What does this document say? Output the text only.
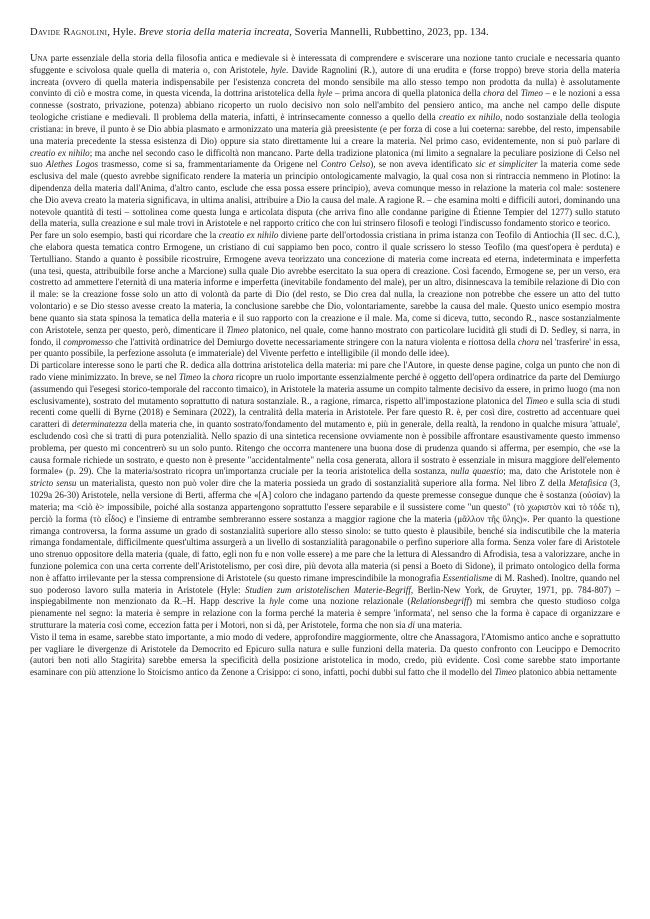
Davide Ragnolini, Hyle. Breve storia della materia increata, Soveria Mannelli, Rubbettino, 2023, pp. 134.

Una parte essenziale della storia della filosofia antica e medievale si è interessata di comprendere e sviscerare una nozione tanto cruciale e necessaria quanto sfuggente e scivolosa quale quella di materia o, con Aristotele, hyle. Davide Ragnolini (R.), autore di una erudita e (forse troppo) breve storia della materia increata (ovvero di quella materia indispensabile per l'esistenza concreta del mondo sensibile ma allo stesso tempo non prodotta da nulla) è assolutamente convinto di ciò e mostra come, in questa vicenda, la dottrina aristotelica della hyle – prima ancora di quella platonica della chora del Timeo – e le nozioni a essa connesse (sostrato, privazione, potenza) abbiano ricoperto un ruolo decisivo non solo nell'ambito del pensiero antico, ma anche nel campo delle dispute teologiche cristiane e medievali. Il problema della materia, infatti, è intrinsecamente connesso a quello della creatio ex nihilo, nodo sostanziale della teologia cristiana: in breve, il punto è se Dio abbia plasmato e armonizzato una materia già preesistente (e per forza di cose a lui coeterna: sarebbe, del resto, impensabile una materia precedente la stessa esistenza di Dio) oppure sia stato direttamente lui a creare la materia. Nel primo caso, evidentemente, non si può parlare di creatio ex nihilo; ma anche nel secondo caso le difficoltà non mancano. Parte della tradizione platonica (mi limito a segnalare la peculiare posizione di Celso nel suo Alethes Logos trasmesso, come si sa, frammentariamente da Origene nel Contro Celso), se non aveva identificato sic et simpliciter la materia come sede esclusiva del male (questo avrebbe significato rendere la materia un principio ontologicamente malvagio, la qual cosa non si rintraccia nemmeno in Plotino: la dipendenza della materia dall'Anima, d'altro canto, esclude che essa possa essere principio), aveva comunque messo in relazione la materia col male: sostenere che Dio aveva creato la materia significava, in ultima analisi, attribuire a Dio la causa del male. A ragione R. – che esamina molti e difficili autori, dominando una notevole quantità di testi – sottolinea come questa lunga e articolata disputa (che arriva fino alle condanne parigine di Étienne Tempier del 1277) sullo statuto della materia, sulla creazione e sul male trovi in Aristotele e nel rapporto critico che con lui strinsero filosofi e teologi l'indiscusso fondamento storico e teorico.

Per fare un solo esempio, basti qui ricordare che la creatio ex nihilo diviene parte dell'ortodossia cristiana in prima istanza con Teofilo di Antiochia (II sec. d.C.), che elabora questa tematica contro Ermogene, un cristiano di cui sappiamo ben poco, contro il quale scrissero lo stesso Teofilo (ma quest'opera è perduta) e Tertulliano. Stando a quanto è possibile ricostruire, Ermogene aveva teorizzato una concezione di materia come increata ed eterna, indeterminata e imperfetta (una tesi, questa, attribuibile forse anche a Marcione) sulla quale Dio avrebbe esercitato la sua opera di creazione. Così facendo, Ermogene se, per un verso, era costretto ad ammettere l'eternità di una materia informe e imperfetta (inevitabile fondamento del male), per un altro, disinnescava la temibile relazione di Dio con il male: se la creazione fosse solo un atto di volontà da parte di Dio (del resto, se Dio crea dal nulla, la creazione non potrebbe che essere un atto del tutto volontario) e se Dio stesso avesse creato la materia, la conclusione sarebbe che Dio, volontariamente, sarebbe la causa del male. Questo unico esempio mostra bene quanto sia stata spinosa la tematica della materia e il suo rapporto con la creazione e il male. Ma, come si diceva, tutto, secondo R., nasce sostanzialmente con Aristotele, senza per questo, però, dimenticare il Timeo platonico, nel quale, come hanno mostrato con particolare lucidità gli studi di D. Sedley, si narra, in fondo, il compromesso che l'attività ordinatrice del Demiurgo dovette necessariamente stringere con la natura violenta e riottosa della chora nel 'trasferire' in essa, per quanto possibile, la perfezione assoluta (e immateriale) del Vivente perfetto e intelligibile (il mondo delle idee).

Di particolare interesse sono le parti che R. dedica alla dottrina aristotelica della materia: mi pare che l'Autore, in queste dense pagine, colga un punto che non di rado viene minimizzato. In breve, se nel Timeo la chora ricopre un ruolo importante essenzialmente perché è oggetto dell'opera ordinatrice da parte del Demiurgo (assumendo qui l'esegesi storico-temporale del racconto timaico), in Aristotele la materia assume un compito talmente decisivo da essere, in primo luogo (ma non esclusivamente), sostrato del mutamento soprattutto di natura sostanziale. R., a ragione, rimarca, rispetto all'impostazione platonica del Timeo e sulla scia di studi recenti come quelli di Byrne (2018) e Seminara (2022), la centralità della materia in Aristotele. Per fare questo R. è, per così dire, costretto ad accentuare quei caratteri di determinatezza della materia che, in quanto sostrato/fondamento del mutamento e, più in generale, della realtà, la rendono in qualche misura 'attuale', escludendo così che si tratti di pura potenzialità. Nello spazio di una sintetica recensione ovviamente non è possibile affrontare esaustivamente questo immenso problema, per questo mi concentrerò su un solo punto. Ritengo che occorra mantenere una buona dose di prudenza quando si afferma, per esempio, che «se la causa formale richiede un sostrato, e questo non è presente "accidentalmente" nella cosa generata, allora il sostrato è essenziale in misura maggiore dell'elemento formale» (p. 29). Che la materia/sostrato ricopra un'importanza cruciale per la teoria aristotelica della sostanza, nulla quaestio; ma, dato che Aristotele non è stricto sensu un materialista, questo non può voler dire che la materia possieda un grado di sostanzialità superiore alla forma. Nel libro Z della Metafisica (3, 1029a 26-30) Aristotele, nella versione di Berti, afferma che «[A] coloro che indagano partendo da queste premesse consegue dunque che è sostanza (οὐσίαν) la materia; ma <ciò è> impossibile, poiché alla sostanza appartengono soprattutto l'essere separabile e il sussistere come "un questo" (τὸ χωριστὸν καὶ τὸ τόδε τι), perciò la forma (τὸ εἶδος) e l'insieme di entrambe sembreranno essere sostanza a maggior ragione che la materia (μᾶλλον τῆς ὕλης)». Per quanto la questione rimanga controversa, la forma assume un grado di sostanzialità superiore allo stesso sinolo: se tutto questo è plausibile, benché sia indiscutibile che la materia rimanga fondamentale, difficilmente quest'ultima assurgerà a un livello di sostanzialità paragonabile o perfino superiore alla forma. Senza voler fare di Aristotele uno strenuo oppositore della materia (quale, di fatto, egli non fu e non volle essere) a me pare che la lettura di Alessandro di Afrodisia, tesa a valorizzare, anche in funzione polemica con una certa corrente dell'Aristotelismo, per così dire, più devota alla materia (si pensi a Boeto di Sidone), il primato ontologico della forma non è affatto irrilevante per la stessa comprensione di Aristotele (su questo rimane imprescindibile la monografia Essentialisme di M. Rashed). Inoltre, quando nel suo poderoso lavoro sulla materia in Aristotele (Hyle: Studien zum aristotelischen Materie-Begriff, Berlin-New York, de Gruyter, 1971, pp. 784-807) – inspiegabilmente non menzionato da R.–H. Happ descrive la hyle come una nozione relazionale (Relationsbegriff) mi sembra che questo studioso colga pienamente nel segno: la materia è sempre in relazione con la forma perché la materia è sempre 'informata', nel senso che la forma è capace di organizzare e strutturare la materia così come, eccezion fatta per i Motori, non si dà, per Aristotele, forma che non sia di una materia.

Visto il tema in esame, sarebbe stato importante, a mio modo di vedere, approfondire maggiormente, oltre che Anassagora, l'Atomismo antico anche e soprattutto per vagliare le divergenze di Aristotele da Democrito ed Epicuro sulla natura e sulle funzioni della materia. Da questo confronto con Leucippo e Democrito (autori ben noti allo Stagirita) sarebbe emersa la specificità della posizione aristotelica in modo, credo, più evidente. Così come sarebbe stato importante esaminare con più attenzione lo Stoicismo antico da Zenone a Crisippo: ci sono, infatti, pochi dubbi sul fatto che il modello del Timeo platonico abbia nettamente
